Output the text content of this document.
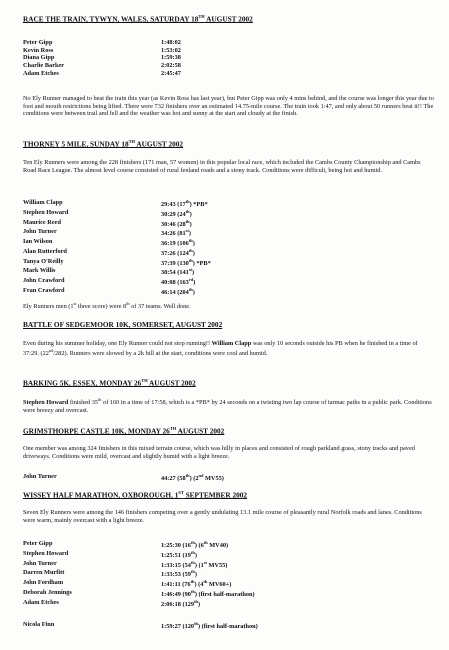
RACE THE TRAIN, TYWYN, WALES, SATURDAY 18TH AUGUST 2002
Peter Gipp	1:48:02
Kevin Ross	1:53:02
Diana Gipp	1:59:38
Charlie Barker	2:02:58
Adam Etches	2:45:47

No Ely Runner managed to beat the train this year (as Kevin Ross has last year), but Peter Gipp was only 4 mins behind, and the course was longer this year due to foot and mouth restrictions being lifted. There were 732 finishers over an estimated 14.75-mile course. The train took 1:47, and only about 50 runners beat it!! The conditions were between trail and fell and the weather was hot and sunny at the start and cloudy at the finish.

THORNEY 5 MILE, SUNDAY 18TH AUGUST 2002

Ten Ely Runners were among the 228 finishers (171 man, 57 women) in this popular local race, which included the Cambs County Championship and Cambs Road Race League. The almost level course consisted of rural fenland roads and a stony track. Conditions were difficult, being hot and humid.

William Clapp	29:43 (17th) *PB*
Stephen Howard	30:29 (24th)
Maurice Reed	30:46 (28th)
John Turner	34:26 (81st)
Ian Wilson	36:19 (106th)
Alan Rutterford	37:26 (124th)
Tanya O'Reilly	37:39 (130th) *PB*
Mark Willis	38:54 (141st)
John Crawford	40:08 (163rd)
Fran Crawford	46:14 (204th)

Ely Runners men (1st three score) were 8th of 37 teams. Well done.

BATTLE OF SEDGEMOOR 10K, SOMERSET, AUGUST 2002

Even during his summer holiday, one Ely Runner could not stop running!! William Clapp was only 10 seconds outside his PB when he finished in a time of 37:29. (22nd/282). Runners were slowed by a 2k hill at the start, conditions were cool and humid.

BARKING 5K, ESSEX, MONDAY 26TH AUGUST 2002

Stephen Howard finished 35th of 160 in a time of 17:58, which is a *PB* by 24 seconds on a twisting two lap course of tarmac paths in a public park. Conditions were breezy and overcast.

GRIMSTHORPE CASTLE 10K, MONDAY 26TH AUGUST 2002

One member was among 324 finishers in this mixed terrain course, which was hilly in places and consisted of rough parkland grass, stony tracks and paved driveways. Conditions were mild, overcast and slightly humid with a light breeze.

John Turner	44:27 (58th) (2nd MV55)
WISSEY HALF MARATHON, OXBOROUGH, 1ST SEPTEMBER 2002

Seven Ely Runners were among the 146 finishers competing over a gently undulating 13.1 mile course of pleasantly rural Norfolk roads and lanes. Conditions were warm, mainly overcast with a light breeze.

Peter Gipp	1:25:30 (16th) (6th MV40)
Stephen Howard	1:25:51 (19th)
John Turner	1:33:15 (54th) (1st MV55)
Darren Murfitt	1:33:53 (59th)
John Fordham	1:41:11 (76th) (4th MV60+)
Deborah Jennings	1:46:49 (90th) (first half-marathon)
Adam Etches	2:06:18 (129th)
Nicola Finn	1:59:27 (120th) (first half-marathon)
